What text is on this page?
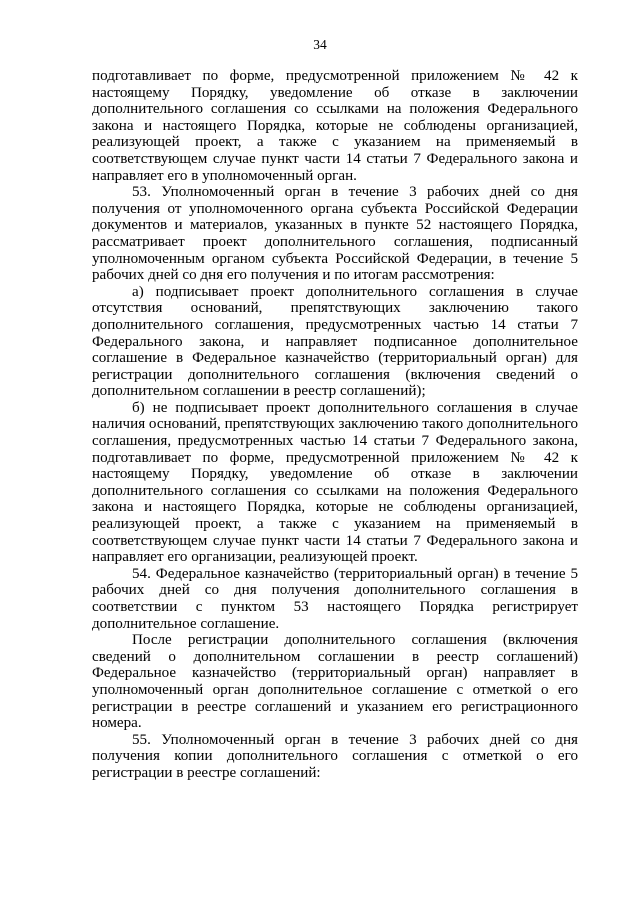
34

подготавливает по форме, предусмотренной приложением № 42 к настоящему Порядку, уведомление об отказе в заключении дополнительного соглашения со ссылками на положения Федерального закона и настоящего Порядка, которые не соблюдены организацией, реализующей проект, а также с указанием на применяемый в соответствующем случае пункт части 14 статьи 7 Федерального закона и направляет его в уполномоченный орган.

53. Уполномоченный орган в течение 3 рабочих дней со дня получения от уполномоченного органа субъекта Российской Федерации документов и материалов, указанных в пункте 52 настоящего Порядка, рассматривает проект дополнительного соглашения, подписанный уполномоченным органом субъекта Российской Федерации, в течение 5 рабочих дней со дня его получения и по итогам рассмотрения:

а) подписывает проект дополнительного соглашения в случае отсутствия оснований, препятствующих заключению такого дополнительного соглашения, предусмотренных частью 14 статьи 7 Федерального закона, и направляет подписанное дополнительное соглашение в Федеральное казначейство (территориальный орган) для регистрации дополнительного соглашения (включения сведений о дополнительном соглашении в реестр соглашений);

б) не подписывает проект дополнительного соглашения в случае наличия оснований, препятствующих заключению такого дополнительного соглашения, предусмотренных частью 14 статьи 7 Федерального закона, подготавливает по форме, предусмотренной приложением № 42 к настоящему Порядку, уведомление об отказе в заключении дополнительного соглашения со ссылками на положения Федерального закона и настоящего Порядка, которые не соблюдены организацией, реализующей проект, а также с указанием на применяемый в соответствующем случае пункт части 14 статьи 7 Федерального закона и направляет его организации, реализующей проект.

54. Федеральное казначейство (территориальный орган) в течение 5 рабочих дней со дня получения дополнительного соглашения в соответствии с пунктом 53 настоящего Порядка регистрирует дополнительное соглашение.

После регистрации дополнительного соглашения (включения сведений о дополнительном соглашении в реестр соглашений) Федеральное казначейство (территориальный орган) направляет в уполномоченный орган дополнительное соглашение с отметкой о его регистрации в реестре соглашений и указанием его регистрационного номера.

55. Уполномоченный орган в течение 3 рабочих дней со дня получения копии дополнительного соглашения с отметкой о его регистрации в реестре соглашений:
